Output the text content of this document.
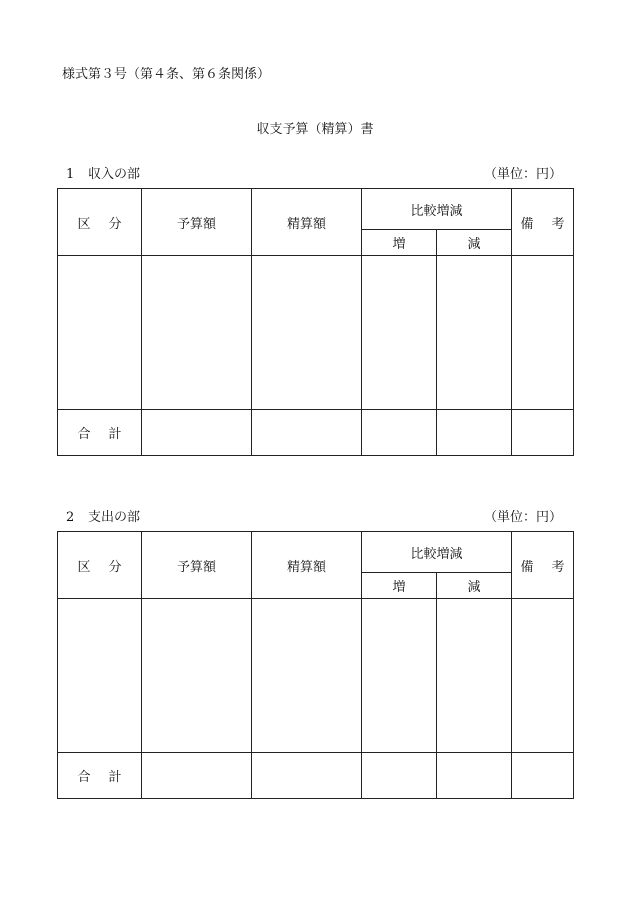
様式第３号（第４条、第６条関係）
収支予算（精算）書
1 収入の部	（単位：円）
区 分	予算額	精算額	比較増減		備 考
			増	減	

合 計					
2 支出の部	（単位：円）
区 分	予算額	精算額	比較増減		備 考
			増	減	

合 計					
